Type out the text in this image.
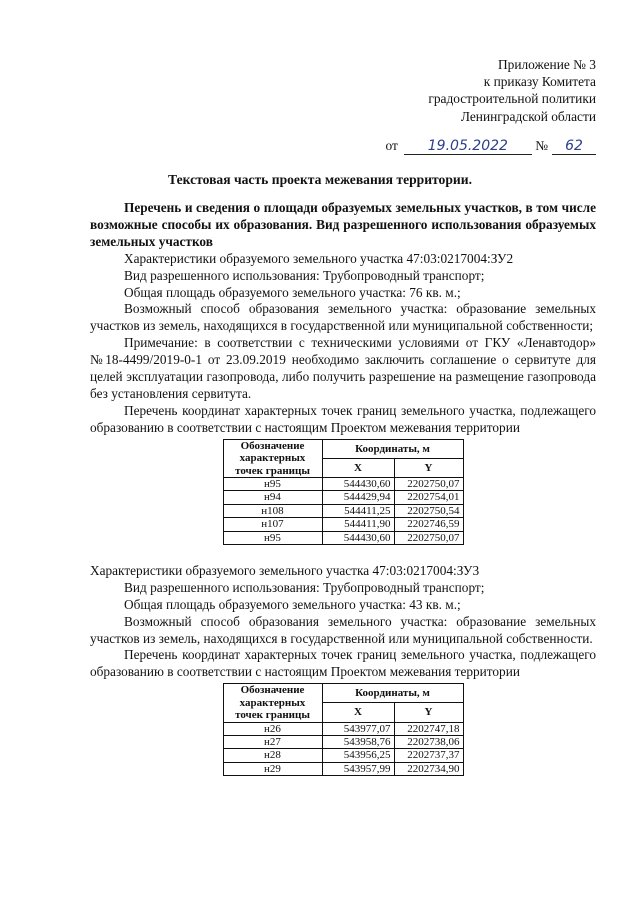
Приложение № 3
к приказу Комитета
градостроительной политики
Ленинградской области
от 19.05.2022 № 62
Текстовая часть проекта межевания территории.

Перечень и сведения о площади образуемых земельных участков, в том числе возможные способы их образования. Вид разрешенного использования образуемых земельных участков

Характеристики образуемого земельного участка 47:03:0217004:ЗУ2

Вид разрешенного использования: Трубопроводный транспорт;

Общая площадь образуемого земельного участка: 76 кв. м.;

Возможный способ образования земельного участка: образование земельных участков из земель, находящихся в государственной или муниципальной собственности;

Примечание: в соответствии с техническими условиями от ГКУ «Ленавтодор» №18-4499/2019-0-1 от 23.09.2019 необходимо заключить соглашение о сервитуте для целей эксплуатации газопровода, либо получить разрешение на размещение газопровода без установления сервитута.

Перечень координат характерных точек границ земельного участка, подлежащего образованию в соответствии с настоящим Проектом межевания территории

Обозначение характерных точек границы	Координаты, м	
	X	Y
н95	544430,60	2202750,07
н94	544429,94	2202754,01
н108	544411,25	2202750,54
н107	544411,90	2202746,59
н95	544430,60	2202750,07

Характеристики образуемого земельного участка 47:03:0217004:ЗУ3

Вид разрешенного использования: Трубопроводный транспорт;

Общая площадь образуемого земельного участка: 43 кв. м.;

Возможный способ образования земельного участка: образование земельных участков из земель, находящихся в государственной или муниципальной собственности.

Перечень координат характерных точек границ земельного участка, подлежащего образованию в соответствии с настоящим Проектом межевания территории

Обозначение характерных точек границы	Координаты, м	
	X	Y
н26	543977,07	2202747,18
н27	543958,76	2202738,06
н28	543956,25	2202737,37
н29	543957,99	2202734,90
